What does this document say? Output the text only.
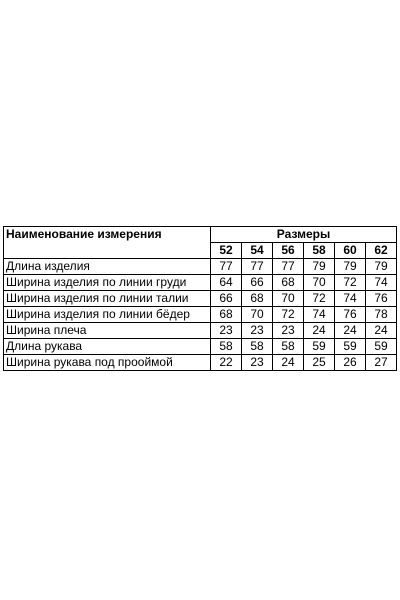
Наименование измерения	Размеры					
	52	54	56	58	60	62
Длина изделия	77	77	77	79	79	79
Ширина изделия по линии груди	64	66	68	70	72	74
Ширина изделия по линии талии	66	68	70	72	74	76
Ширина изделия по линии бёдер	68	70	72	74	76	78
Ширина плеча	23	23	23	24	24	24
Длина рукава	58	58	58	59	59	59
Ширина рукава под прооймой	22	23	24	25	26	27
